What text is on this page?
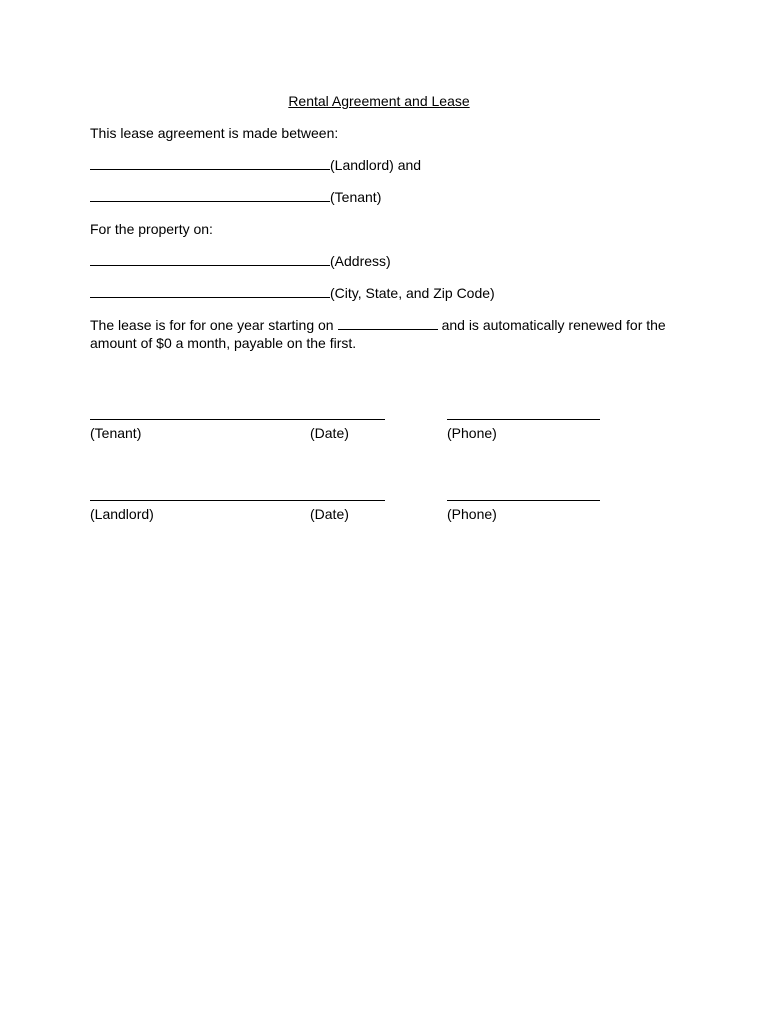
Rental Agreement and Lease
This lease agreement is made between:
(Landlord) and
(Tenant)
For the property on:
(Address)
(City, State, and Zip Code)
The lease is for for one year starting on	and is automatically renewed for the
amount of $0 a month, payable on the first.
(Tenant)	(Date)	(Phone)
(Landlord)	(Date)	(Phone)
